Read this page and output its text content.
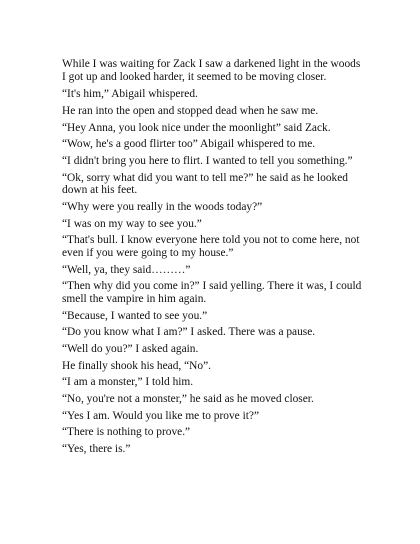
While I was waiting for Zack I saw a darkened light in the woods I got up and looked harder, it seemed to be moving closer.

“It's him,” Abigail whispered.

He ran into the open and stopped dead when he saw me.

“Hey Anna, you look nice under the moonlight” said Zack.

“Wow, he's a good flirter too” Abigail whispered to me.

“I didn't bring you here to flirt. I wanted to tell you something.”

“Ok, sorry what did you want to tell me?” he said as he looked down at his feet.

“Why were you really in the woods today?”

“I was on my way to see you.”

“That's bull. I know everyone here told you not to come here, not even if you were going to my house.”

“Well, ya, they said………”

“Then why did you come in?” I said yelling. There it was, I could smell the vampire in him again.

“Because, I wanted to see you.”

“Do you know what I am?” I asked. There was a pause.

“Well do you?” I asked again.

He finally shook his head, “No”.

“I am a monster,” I told him.

“No, you're not a monster,” he said as he moved closer.

“Yes I am. Would you like me to prove it?”

“There is nothing to prove.”

“Yes, there is.”
